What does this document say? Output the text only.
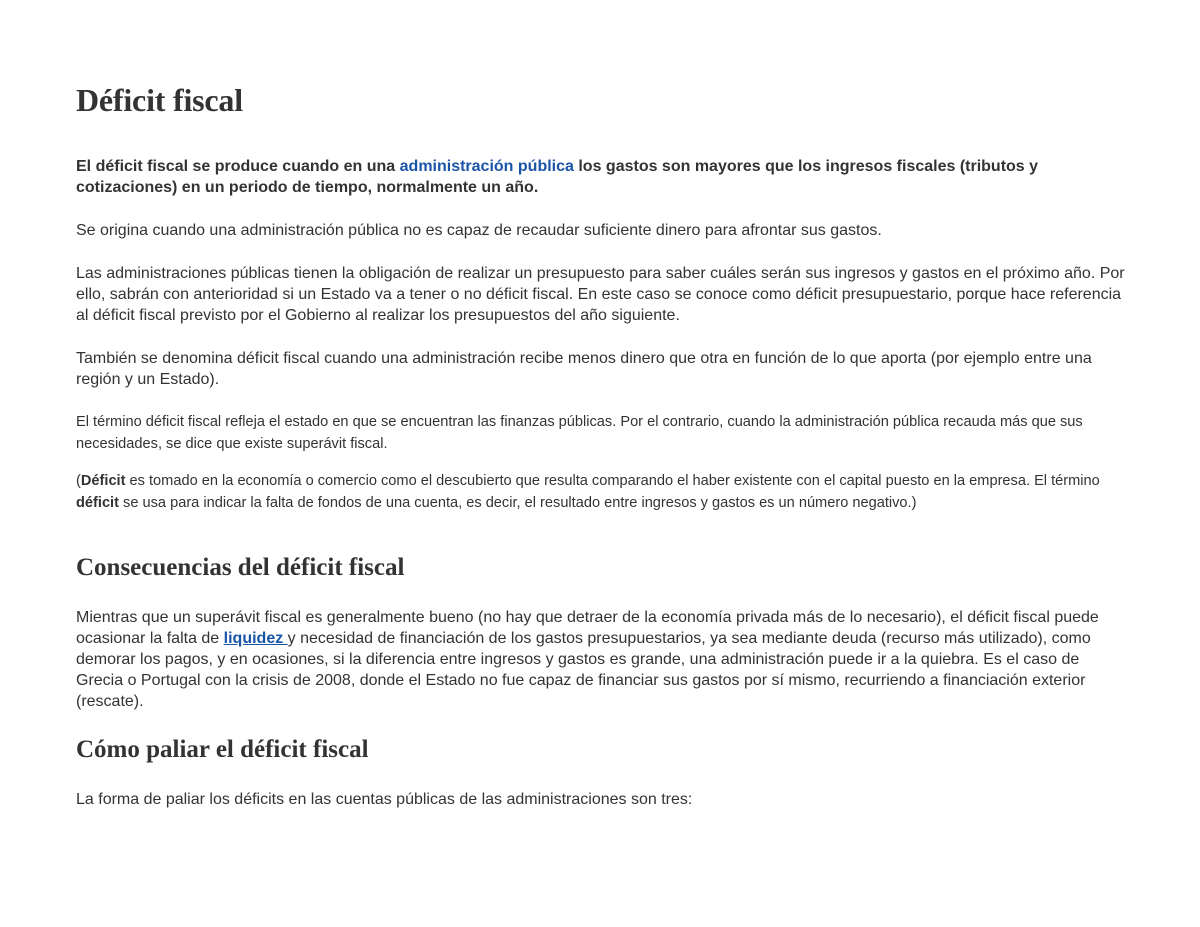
Déficit fiscal

El déficit fiscal se produce cuando en una administración pública los gastos son mayores que los ingresos fiscales (tributos y cotizaciones) en un periodo de tiempo, normalmente un año.

Se origina cuando una administración pública no es capaz de recaudar suficiente dinero para afrontar sus gastos.

Las administraciones públicas tienen la obligación de realizar un presupuesto para saber cuáles serán sus ingresos y gastos en el próximo año. Por ello, sabrán con anterioridad si un Estado va a tener o no déficit fiscal. En este caso se conoce como déficit presupuestario, porque hace referencia al déficit fiscal previsto por el Gobierno al realizar los presupuestos del año siguiente.

También se denomina déficit fiscal cuando una administración recibe menos dinero que otra en función de lo que aporta (por ejemplo entre una región y un Estado).

El término déficit fiscal refleja el estado en que se encuentran las finanzas públicas. Por el contrario, cuando la administración pública recauda más que sus necesidades, se dice que existe superávit fiscal.

(Déficit es tomado en la economía o comercio como el descubierto que resulta comparando el haber existente con el capital puesto en la empresa. El término déficit se usa para indicar la falta de fondos de una cuenta, es decir, el resultado entre ingresos y gastos es un número negativo.)

Consecuencias del déficit fiscal

Mientras que un superávit fiscal es generalmente bueno (no hay que detraer de la economía privada más de lo necesario), el déficit fiscal puede ocasionar la falta de liquidez y necesidad de financiación de los gastos presupuestarios, ya sea mediante deuda (recurso más utilizado), como demorar los pagos, y en ocasiones, si la diferencia entre ingresos y gastos es grande, una administración puede ir a la quiebra. Es el caso de Grecia o Portugal con la crisis de 2008, donde el Estado no fue capaz de financiar sus gastos por sí mismo, recurriendo a financiación exterior (rescate).

Cómo paliar el déficit fiscal

La forma de paliar los déficits en las cuentas públicas de las administraciones son tres:
